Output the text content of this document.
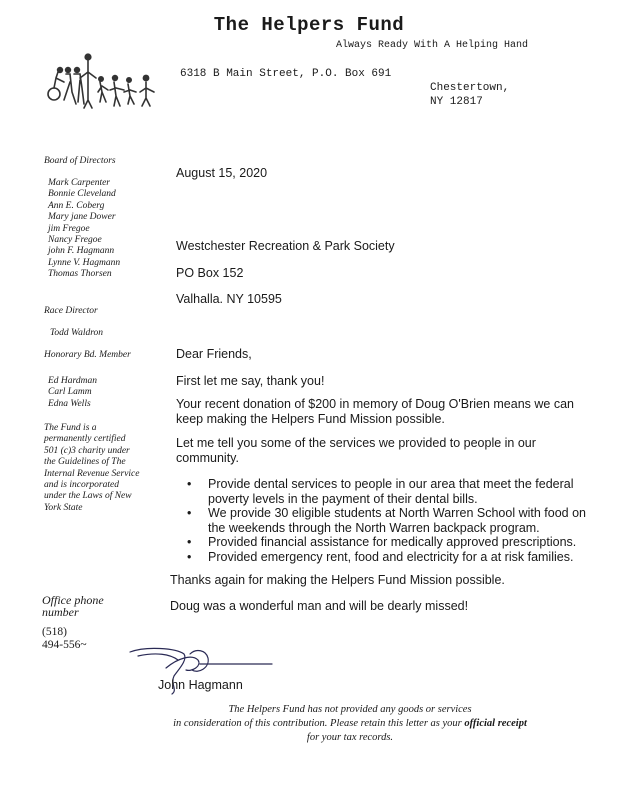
The Helpers Fund
Always Ready With A Helping Hand
6318 B Main Street, P.O. Box 691
Chestertown,
NY 12817
Board of Directors
Mark Carpenter
Bonnie Cleveland
Ann E. Coberg
Mary jane Dower
jim Fregoe
Nancy Fregoe
john F. Hagmann
Lynne V. Hagmann
Thomas Thorsen
Race Director
Todd Waldron
Honorary Bd. Member
Ed Hardman
Carl Lamm
Edna Wells
The Fund is a permanently certified 501 (c)3 charity under the Guidelines of The Internal Revenue Service and is incorporated under the Laws of New York State
Office phone number
(518)
494-556~
August 15, 2020
Westchester Recreation & Park Society
PO Box 152
Valhalla. NY 10595
Dear Friends,
First let me say, thank you!
Your recent donation of $200 in memory of Doug O'Brien means we can keep making the Helpers Fund Mission possible.
Let me tell you some of the services we provided to people in our community.
• Provide dental services to people in our area that meet the federal poverty levels in the payment of their dental bills.
• We provide 30 eligible students at North Warren School with food on the weekends through the North Warren backpack program.
• Provided financial assistance for medically approved prescriptions.
• Provided emergency rent, food and electricity for a at risk families.
Thanks again for making the Helpers Fund Mission possible.
Doug was a wonderful man and will be dearly missed!
John Hagmann
The Helpers Fund has not provided any goods or services
in consideration of this contribution. Please retain this letter as your official receipt
for your tax records.
